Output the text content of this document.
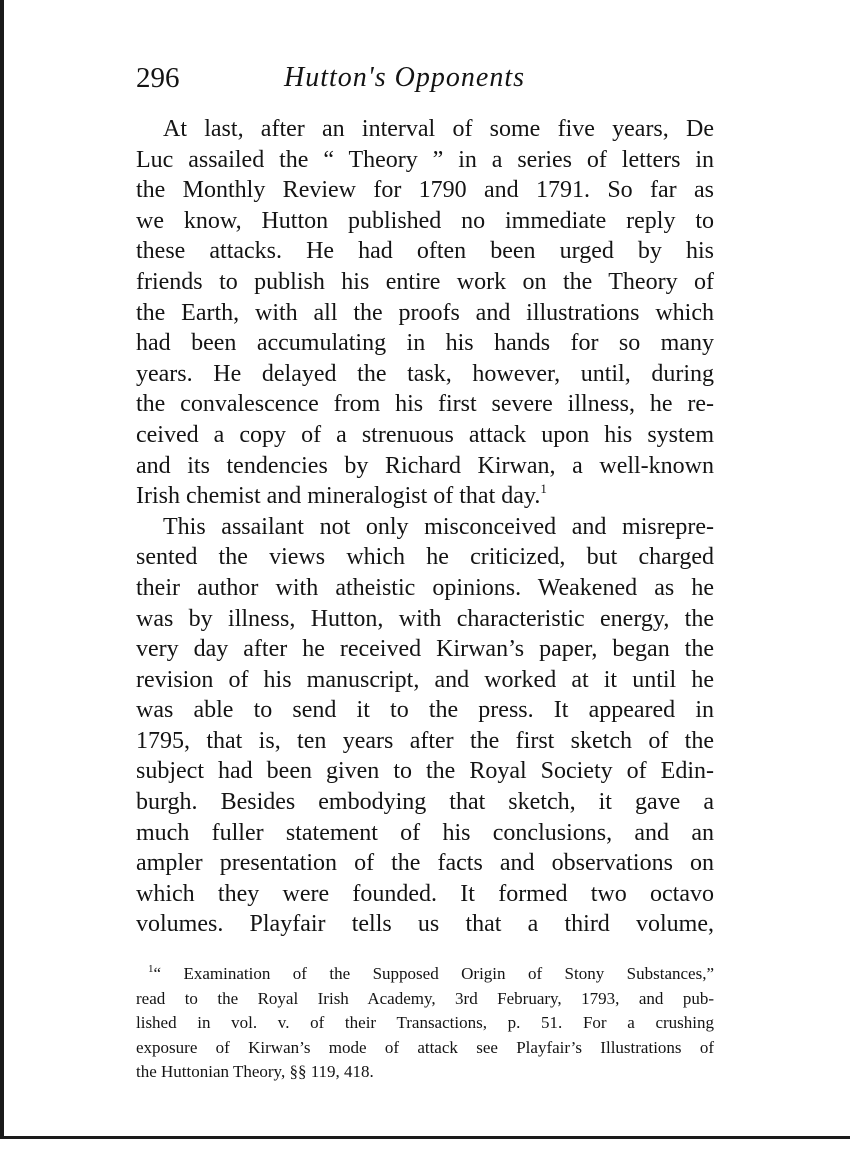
296	Hutton's Opponents
At last, after an interval of some five years, De
Luc assailed the “ Theory ” in a series of letters in
the Monthly Review for 1790 and 1791. So far as
we know, Hutton published no immediate reply to
these attacks. He had often been urged by his
friends to publish his entire work on the Theory of
the Earth, with all the proofs and illustrations which
had been accumulating in his hands for so many
years. He delayed the task, however, until, during
the convalescence from his first severe illness, he re-
ceived a copy of a strenuous attack upon his system
and its tendencies by Richard Kirwan, a well-known
Irish chemist and mineralogist of that day.$^1$
This assailant not only misconceived and misrepre-
sented the views which he criticized, but charged
their author with atheistic opinions. Weakened as he
was by illness, Hutton, with characteristic energy, the
very day after he received Kirwan’s paper, began the
revision of his manuscript, and worked at it until he
was able to send it to the press. It appeared in
1795, that is, ten years after the first sketch of the
subject had been given to the Royal Society of Edin-
burgh. Besides embodying that sketch, it gave a
much fuller statement of his conclusions, and an
ampler presentation of the facts and observations on
which they were founded. It formed two octavo
volumes. Playfair tells us that a third volume,
$^1$“ Examination of the Supposed Origin of Stony Substances,”
read to the Royal Irish Academy, 3rd February, 1793, and pub-
lished in vol. v. of their Transactions, p. 51. For a crushing
exposure of Kirwan’s mode of attack see Playfair’s Illustrations of
the Huttonian Theory, §§ 119, 418.
